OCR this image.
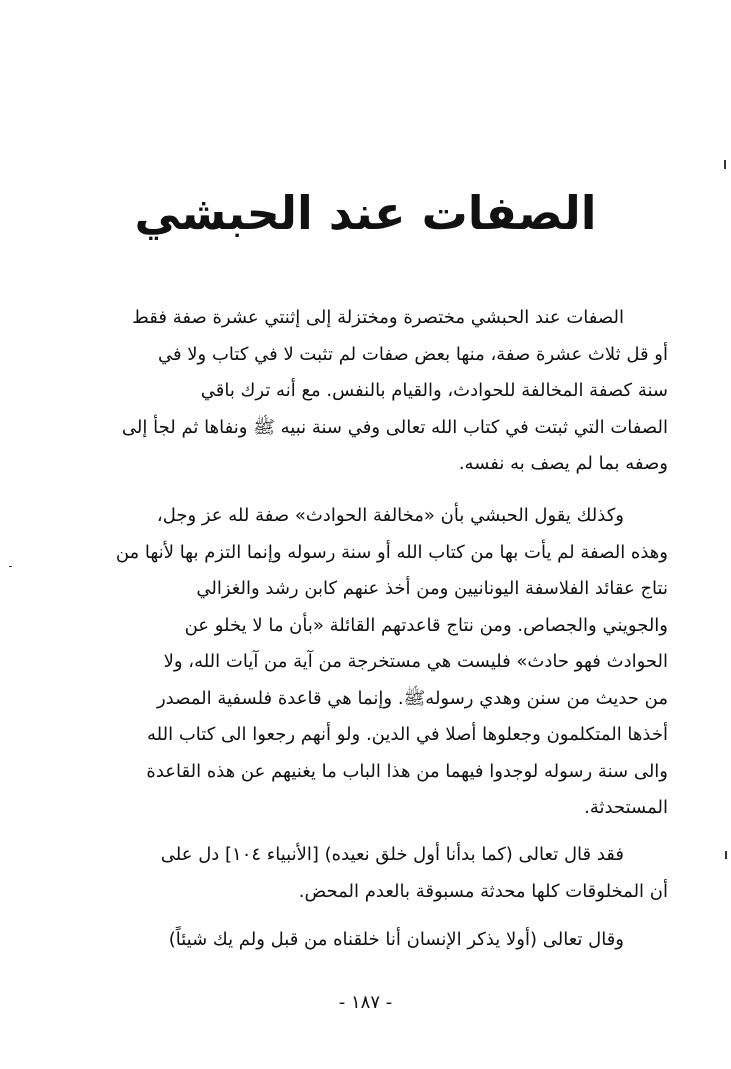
الصفات عند الحبشي
الصفات عند الحبشي مختصرة ومختزلة إلى إثنتي عشرة صفة فقط
أو قل ثلاث عشرة صفة، منها بعض صفات لم تثبت لا في كتاب ولا في
سنة كصفة المخالفة للحوادث، والقيام بالنفس. مع أنه ترك باقي
الصفات التي ثبتت في كتاب الله تعالى وفي سنة نبيه ﷺ ونفاها ثم لجأ إلى
وصفه بما لم يصف به نفسه.
وكذلك يقول الحبشي بأن «مخالفة الحوادث» صفة لله عز وجل،
وهذه الصفة لم يأت بها من كتاب الله أو سنة رسوله وإنما التزم بها لأنها من
نتاج عقائد الفلاسفة اليونانيين ومن أخذ عنهم كابن رشد والغزالي
والجويني والجصاص. ومن نتاج قاعدتهم القائلة «بأن ما لا يخلو عن
الحوادث فهو حادث» فليست هي مستخرجة من آية من آيات الله، ولا
من حديث من سنن وهدي رسولهﷺ. وإنما هي قاعدة فلسفية المصدر
أخذها المتكلمون وجعلوها أصلا في الدين. ولو أنهم رجعوا الى كتاب الله
والى سنة رسوله لوجدوا فيهما من هذا الباب ما يغنيهم عن هذه القاعدة
المستحدثة.
فقد قال تعالى (كما بدأنا أول خلق نعيده) [الأنبياء ١٠٤] دل على
أن المخلوقات كلها محدثة مسبوقة بالعدم المحض.
وقال تعالى (أولا يذكر الإنسان أنا خلقناه من قبل ولم يك شيئاً)
- ١٨٧ -
